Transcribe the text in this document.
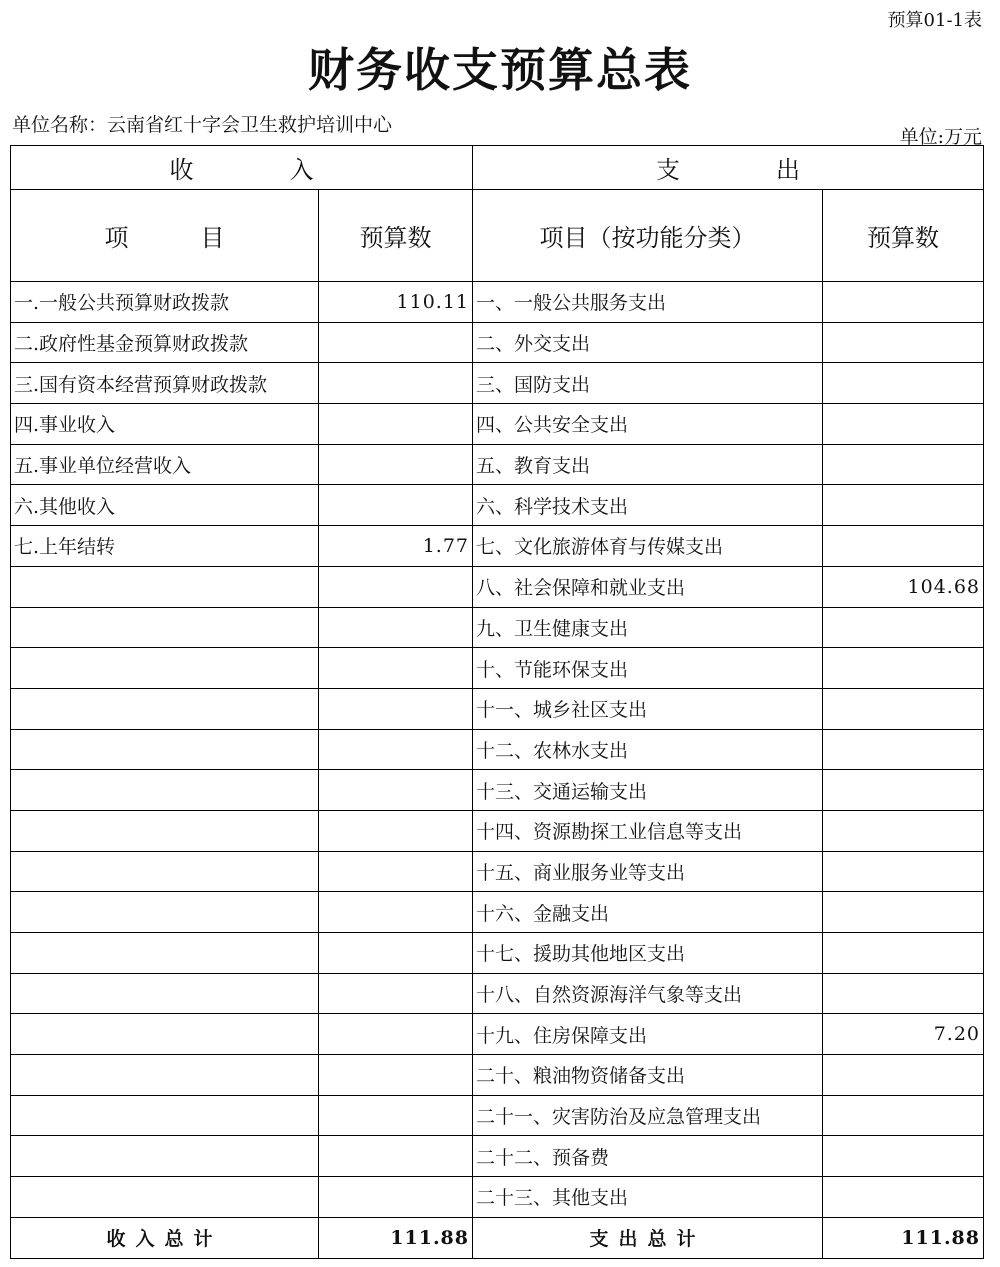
预算01-1表
财务收支预算总表
单位名称：云南省红十字会卫生救护培训中心
单位:万元
收　　　　入		支　　　　出	
项　　　目	预算数	项目（按功能分类）	预算数
一.一般公共预算财政拨款	110.11	一、一般公共服务支出	
二.政府性基金预算财政拨款		二、外交支出	
三.国有资本经营预算财政拨款		三、国防支出	
四.事业收入		四、公共安全支出	
五.事业单位经营收入		五、教育支出	
六.其他收入		六、科学技术支出	
七.上年结转	1.77	七、文化旅游体育与传媒支出	
		八、社会保障和就业支出	104.68
		九、卫生健康支出	
		十、节能环保支出	
		十一、城乡社区支出	
		十二、农林水支出	
		十三、交通运输支出	
		十四、资源勘探工业信息等支出	
		十五、商业服务业等支出	
		十六、金融支出	
		十七、援助其他地区支出	
		十八、自然资源海洋气象等支出	
		十九、住房保障支出	7.20
		二十、粮油物资储备支出	
		二十一、灾害防治及应急管理支出	
		二十二、预备费	
		二十三、其他支出	
收入总计	111.88	支出总计	111.88
